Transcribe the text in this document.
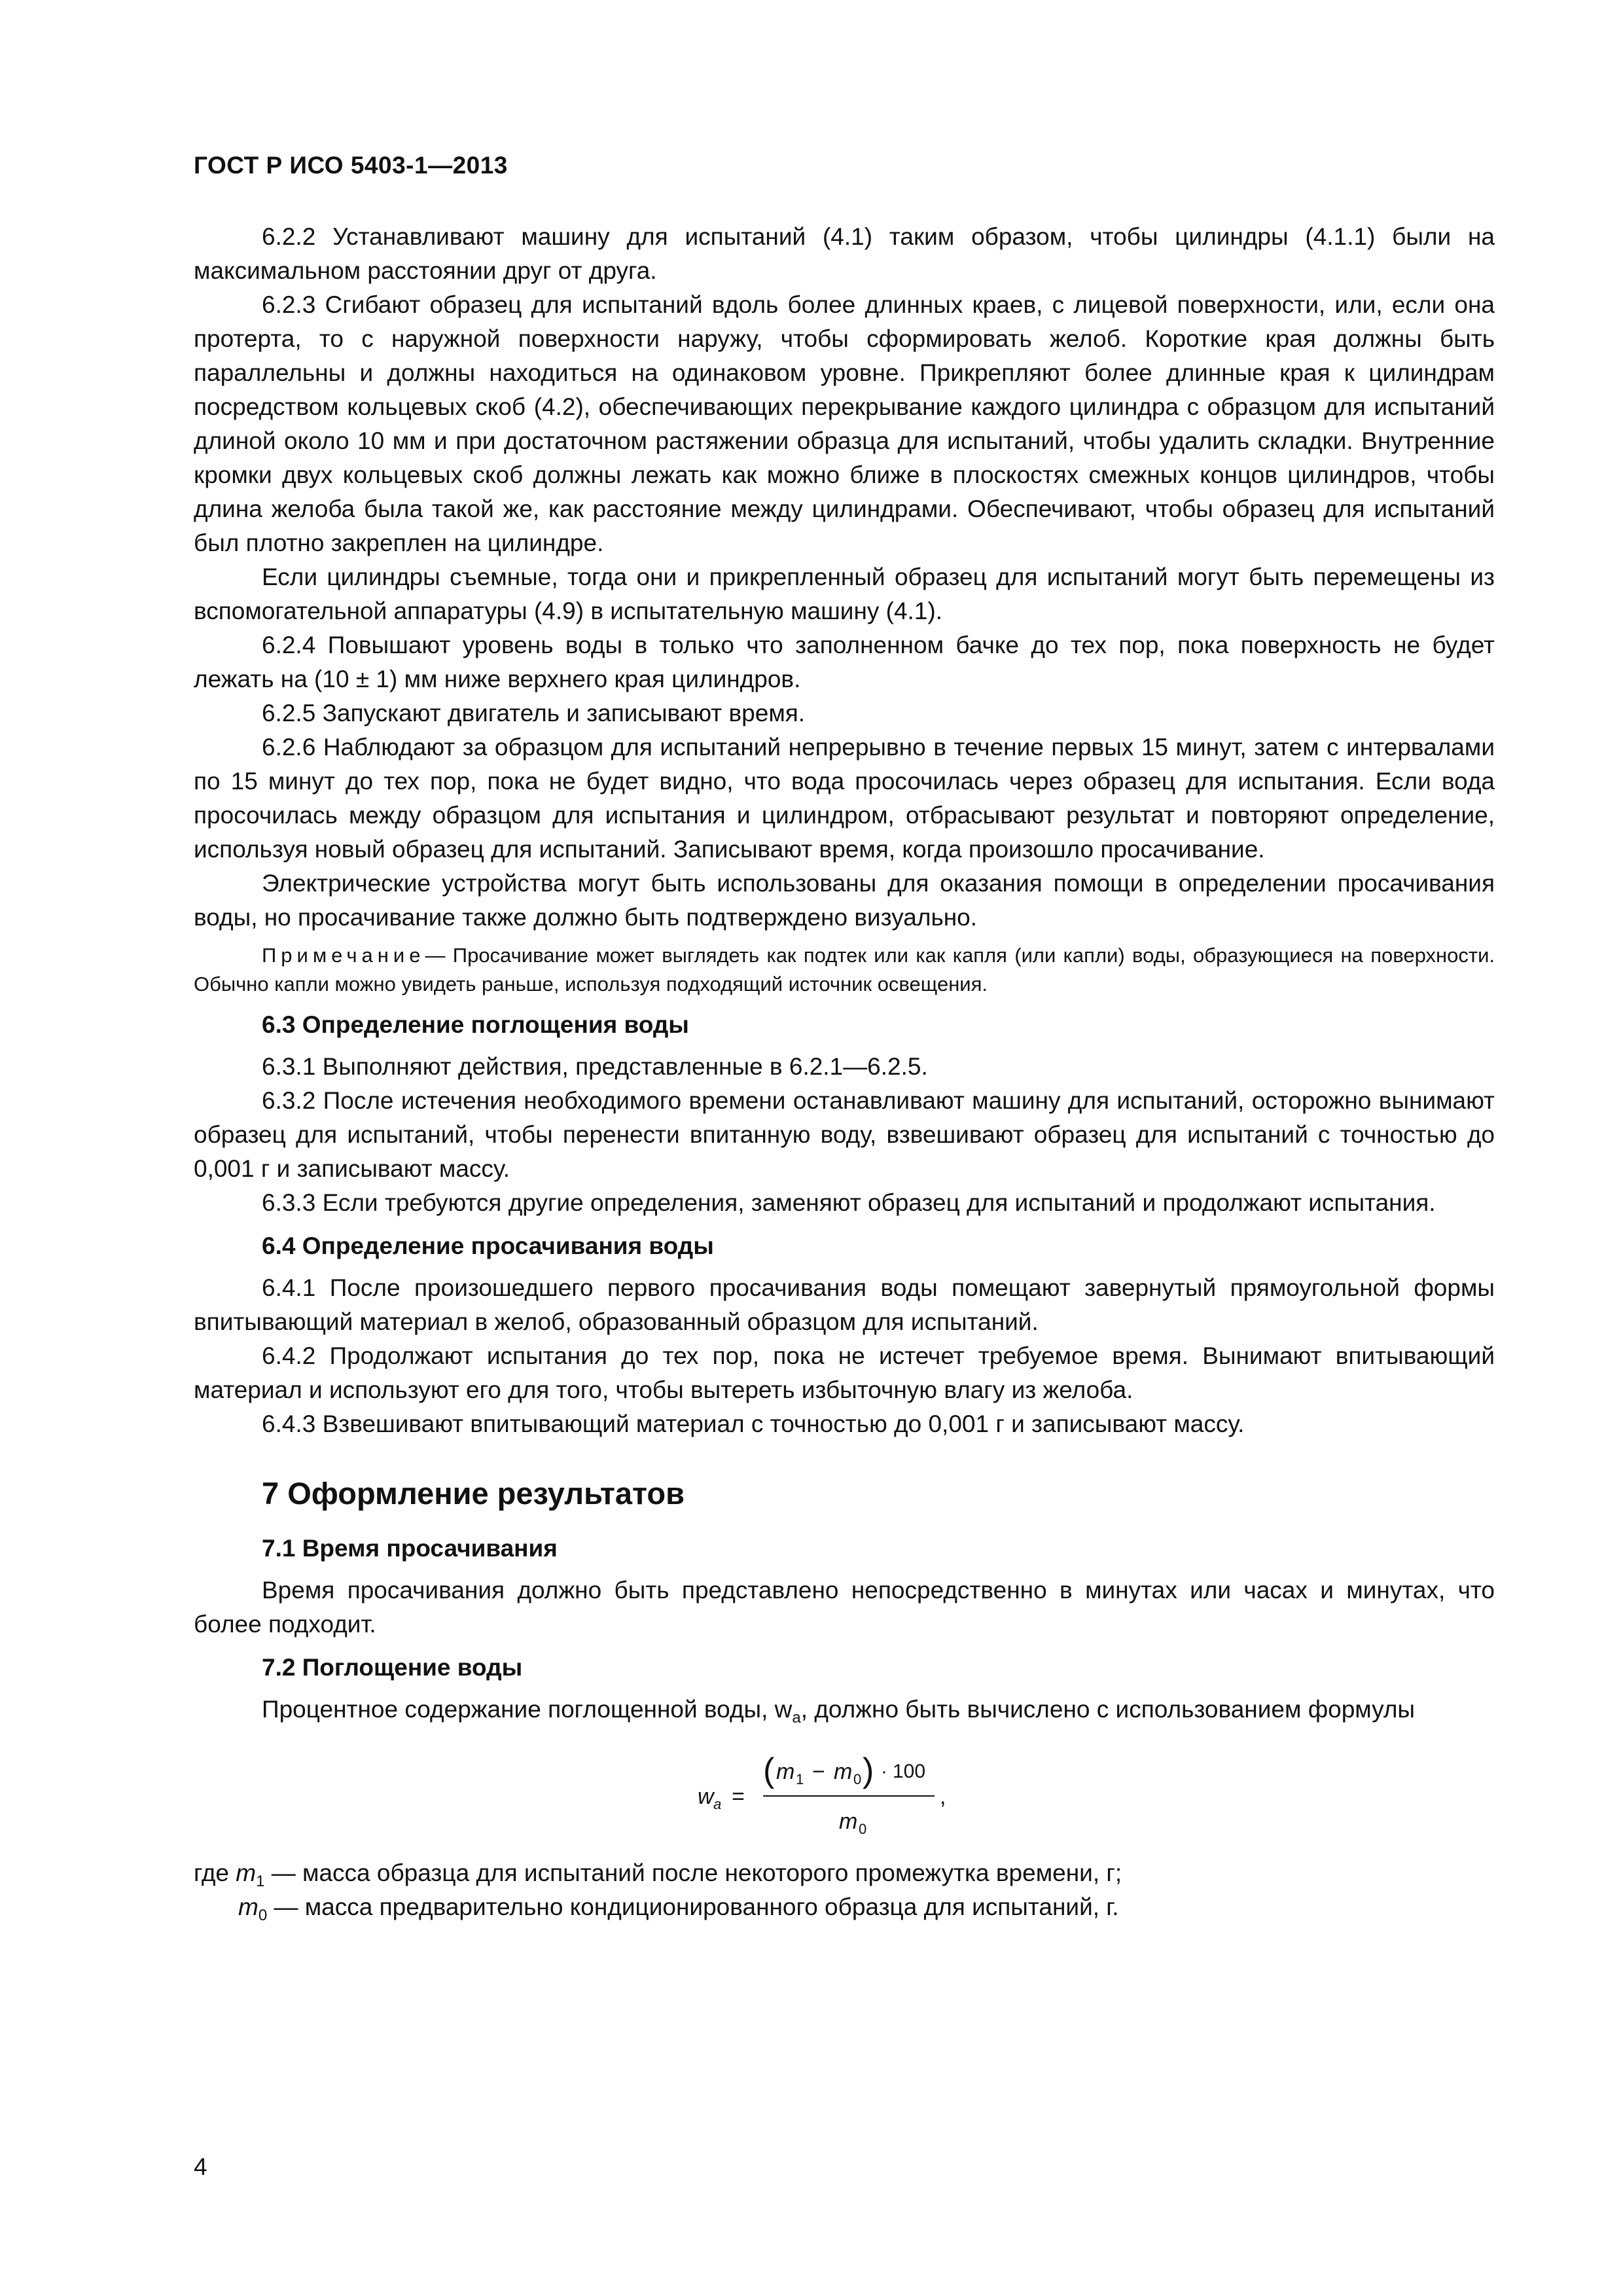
ГОСТ Р ИСО 5403-1—2013

6.2.2 Устанавливают машину для испытаний (4.1) таким образом, чтобы цилиндры (4.1.1) были на максимальном расстоянии друг от друга.

6.2.3 Сгибают образец для испытаний вдоль более длинных краев, с лицевой поверхности, или, если она протерта, то с наружной поверхности наружу, чтобы сформировать желоб. Короткие края должны быть параллельны и должны находиться на одинаковом уровне. Прикрепляют более длинные края к цилиндрам посредством кольцевых скоб (4.2), обеспечивающих перекрывание каждого цилиндра с образцом для испытаний длиной около 10 мм и при достаточном растяжении образца для испытаний, чтобы удалить складки. Внутренние кромки двух кольцевых скоб должны лежать как можно ближе в плоскостях смежных концов цилиндров, чтобы длина желоба была такой же, как расстояние между цилиндрами. Обеспечивают, чтобы образец для испытаний был плотно закреплен на цилиндре.

Если цилиндры съемные, тогда они и прикрепленный образец для испытаний могут быть перемещены из вспомогательной аппаратуры (4.9) в испытательную машину (4.1).

6.2.4 Повышают уровень воды в только что заполненном бачке до тех пор, пока поверхность не будет лежать на (10 ± 1) мм ниже верхнего края цилиндров.

6.2.5 Запускают двигатель и записывают время.

6.2.6 Наблюдают за образцом для испытаний непрерывно в течение первых 15 минут, затем с интервалами по 15 минут до тех пор, пока не будет видно, что вода просочилась через образец для испытания. Если вода просочилась между образцом для испытания и цилиндром, отбрасывают результат и повторяют определение, используя новый образец для испытаний. Записывают время, когда произошло просачивание.

Электрические устройства могут быть использованы для оказания помощи в определении просачивания воды, но просачивание также должно быть подтверждено визуально.

Примечание— Просачивание может выглядеть как подтек или как капля (или капли) воды, образующиеся на поверхности. Обычно капли можно увидеть раньше, используя подходящий источник освещения.

6.3 Определение поглощения воды

6.3.1 Выполняют действия, представленные в 6.2.1—6.2.5.

6.3.2 После истечения необходимого времени останавливают машину для испытаний, осторожно вынимают образец для испытаний, чтобы перенести впитанную воду, взвешивают образец для испытаний с точностью до 0,001 г и записывают массу.

6.3.3 Если требуются другие определения, заменяют образец для испытаний и продолжают испытания.

6.4 Определение просачивания воды

6.4.1 После произошедшего первого просачивания воды помещают завернутый прямоугольной формы впитывающий материал в желоб, образованный образцом для испытаний.

6.4.2 Продолжают испытания до тех пор, пока не истечет требуемое время. Вынимают впитывающий материал и используют его для того, чтобы вытереть избыточную влагу из желоба.

6.4.3 Взвешивают впитывающий материал с точностью до 0,001 г и записывают массу.

7 Оформление результатов

7.1 Время просачивания

Время просачивания должно быть представлено непосредственно в минутах или часах и минутах, что более подходит.

7.2 Поглощение воды

Процентное содержание поглощенной воды, $w_a$, должно быть вычислено с использованием формулы

w a =
( m 1 − m 0 ) · 100
m 0
,
где $m_1$ — масса образца для испытаний после некоторого промежутка времени, г;
$m_0$ — масса предварительно кондиционированного образца для испытаний, г.
4
